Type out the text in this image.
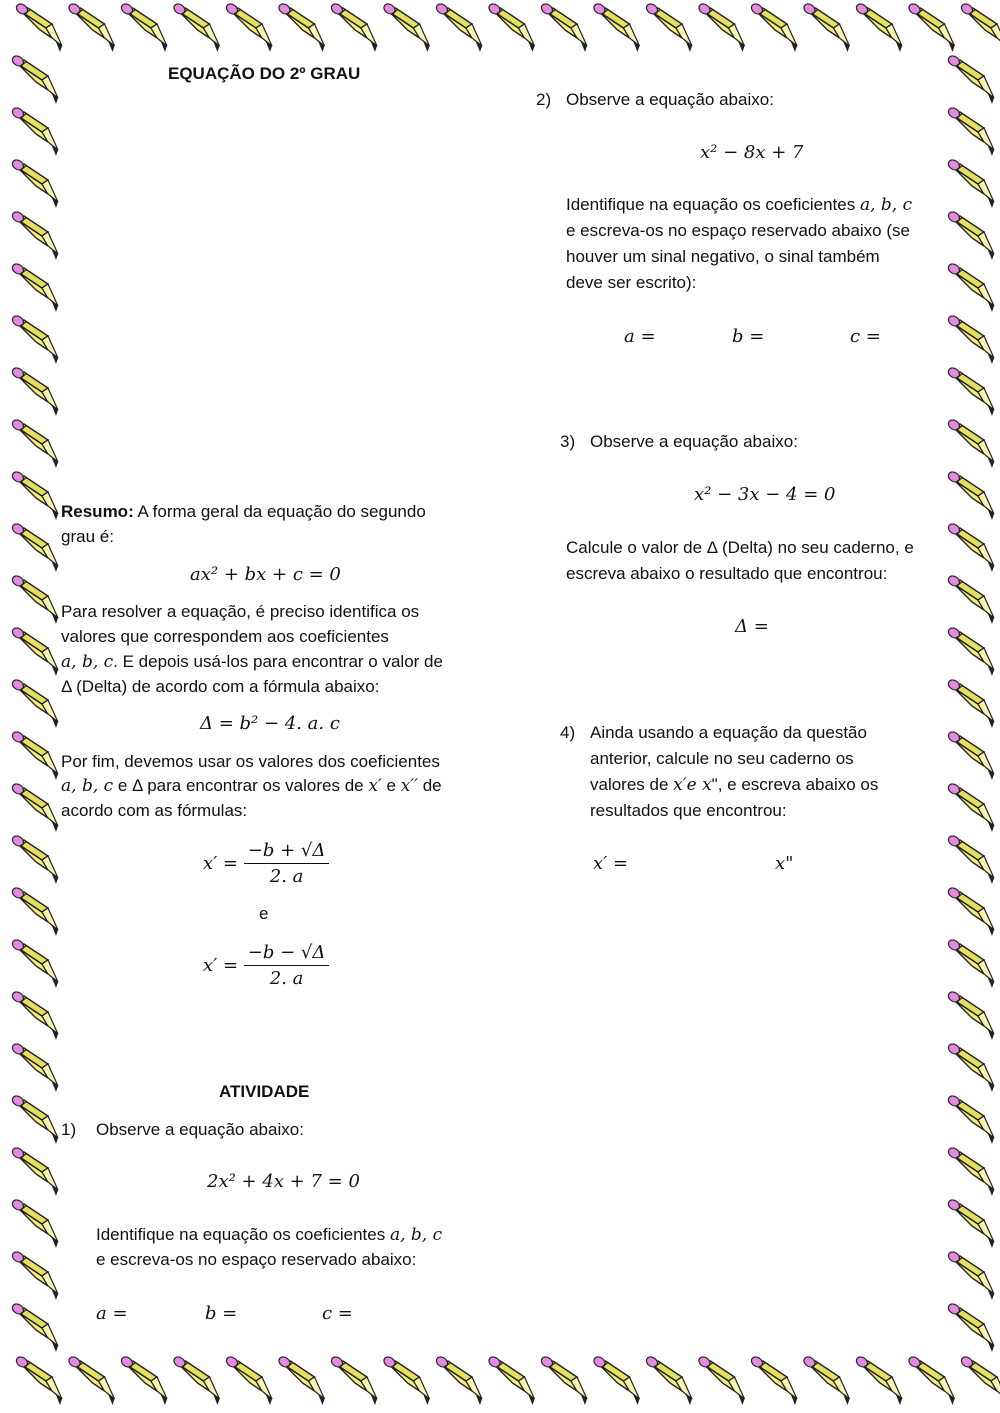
EQUAÇÃO DO 2º GRAU
Resumo: A forma geral da equação do segundo
grau é:
ax² + bx + c = 0
Para resolver a equação, é preciso identifica os
valores que correspondem aos coeficientes
a, b, c. E depois usá-los para encontrar o valor de
Δ (Delta) de acordo com a fórmula abaixo:
Δ = b² − 4. a. c
Por fim, devemos usar os valores dos coeficientes
a, b, c e Δ para encontrar os valores de x′ e x′′ de
acordo com as fórmulas:
$x' = \frac{-b + √\Delta}{2. a}$
e
$x' = \frac{-b - √\Delta}{2. a}$
ATIVIDADE
1) Observe a equação abaixo:
2x² + 4x + 7 = 0
Identifique na equação os coeficientes a, b, c
e escreva-os no espaço reservado abaixo:
a =	b =	c =
2) Observe a equação abaixo:
x² − 8x + 7
Identifique na equação os coeficientes a, b, c
e escreva-os no espaço reservado abaixo (se
houver um sinal negativo, o sinal também
deve ser escrito):
a =	b =	c =
3) Observe a equação abaixo:
x² − 3x − 4 = 0
Calcule o valor de Δ (Delta) no seu caderno, e
escreva abaixo o resultado que encontrou:
Δ =
4) Ainda usando a equação da questão
anterior, calcule no seu caderno os
valores de x′e x", e escreva abaixo os
resultados que encontrou:
x′ =	x"
